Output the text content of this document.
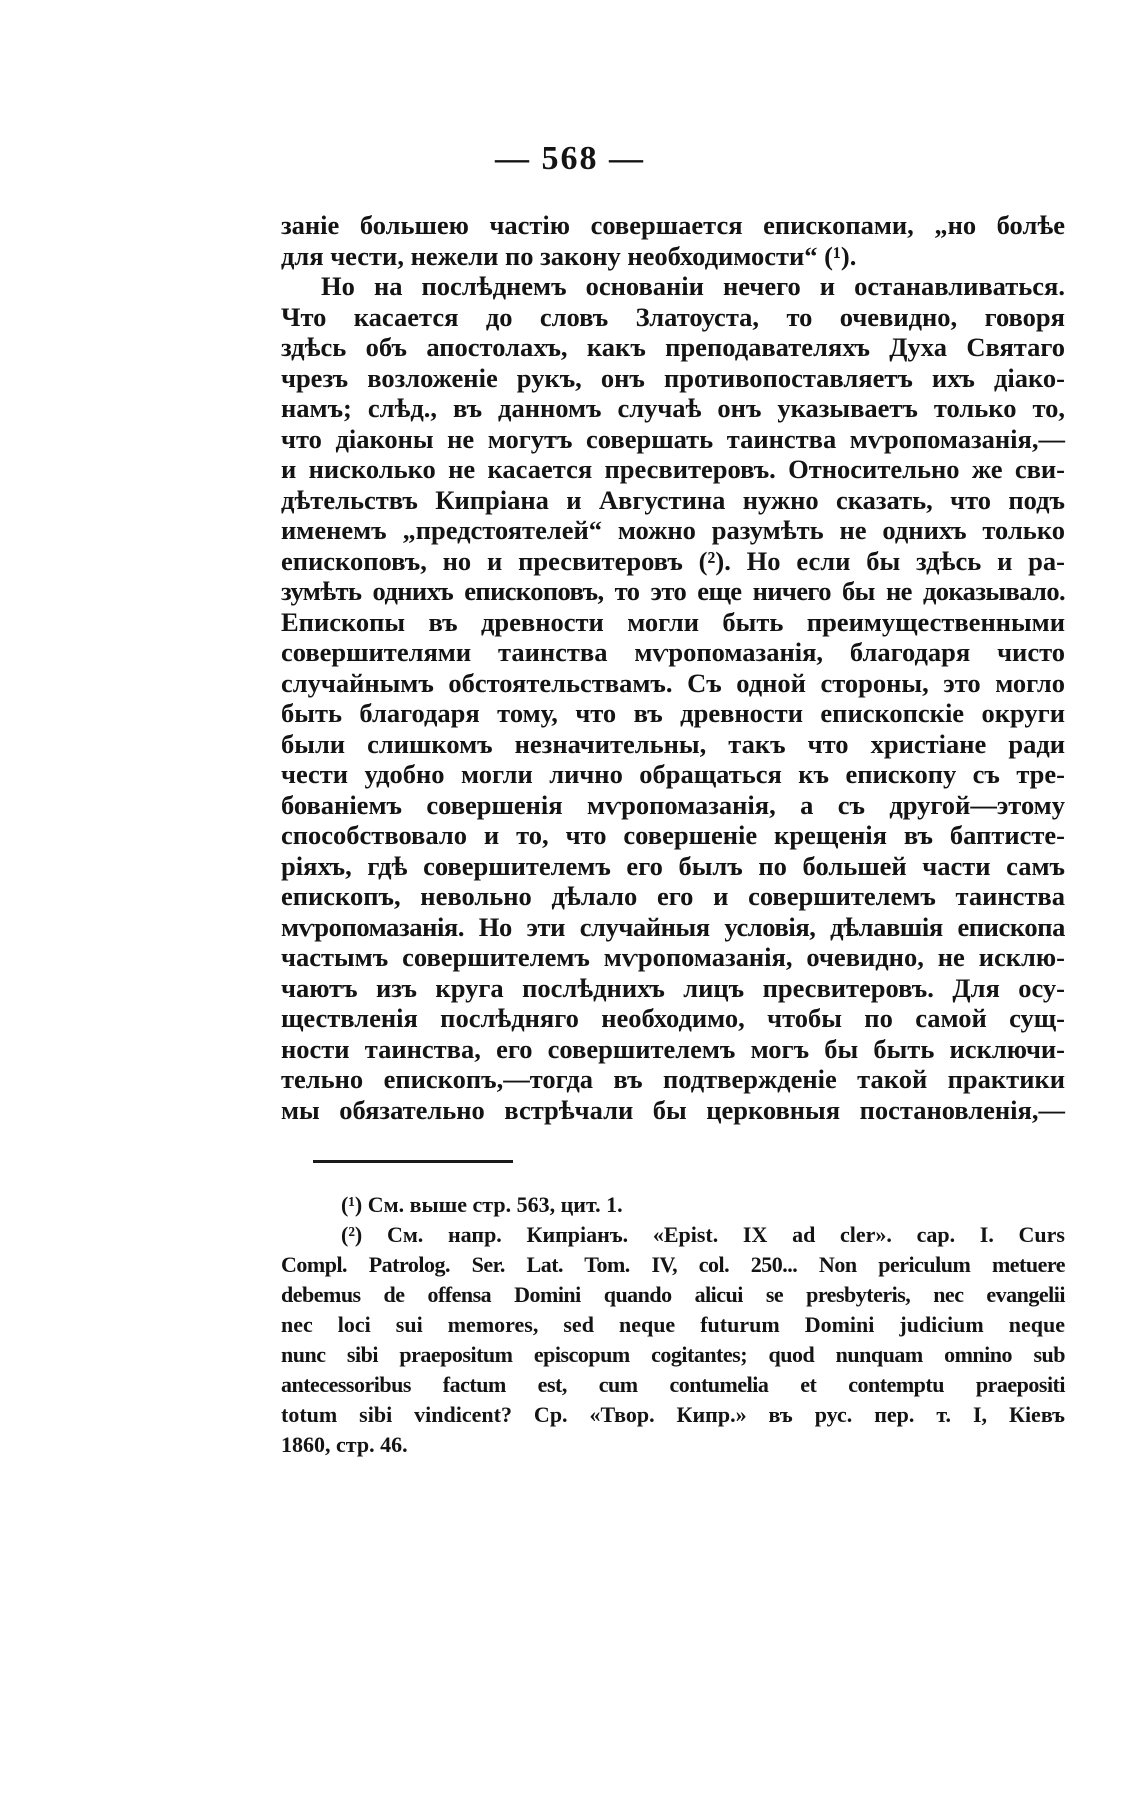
— 568 —
заніе большею частію совершается епископами, „но болѣе
для чести, нежели по закону необходимости“ (¹).
Но на послѣднемъ основаніи нечего и останавливаться.
Что касается до словъ Златоуста, то очевидно, говоря
здѣсь объ апостолахъ, какъ преподавателяхъ Духа Святаго
чрезъ возложеніе рукъ, онъ противопоставляетъ ихъ діако-
намъ; слѣд., въ данномъ случаѣ онъ указываетъ только то,
что діаконы не могутъ совершать таинства мѵропомазанія,—
и нисколько не касается пресвитеровъ. Относительно же сви-
дѣтельствъ Кипріана и Августина нужно сказать, что подъ
именемъ „предстоятелей“ можно разумѣть не однихъ только
епископовъ, но и пресвитеровъ (²). Но если бы здѣсь и ра-
зумѣть однихъ епископовъ, то это еще ничего бы не доказывало.
Епископы въ древности могли быть преимущественными
совершителями таинства мѵропомазанія, благодаря чисто
случайнымъ обстоятельствамъ. Съ одной стороны, это могло
быть благодаря тому, что въ древности епископскіе округи
были слишкомъ незначительны, такъ что христіане ради
чести удобно могли лично обращаться къ епископу съ тре-
бованіемъ совершенія мѵропомазанія, а съ другой—этому
способствовало и то, что совершеніе крещенія въ баптисте-
ріяхъ, гдѣ совершителемъ его былъ по большей части самъ
епископъ, невольно дѣлало его и совершителемъ таинства
мѵропомазанія. Но эти случайныя условія, дѣлавшія епископа
частымъ совершителемъ мѵропомазанія, очевидно, не исклю-
чаютъ изъ круга послѣднихъ лицъ пресвитеровъ. Для осу-
ществленія послѣдняго необходимо, чтобы по самой сущ-
ности таинства, его совершителемъ могъ бы быть исключи-
тельно епископъ,—тогда въ подтвержденіе такой практики
мы обязательно встрѣчали бы церковныя постановленія,—
(¹) См. выше стр. 563, цит. 1.
(²) См. напр. Кипріанъ. «Epist. IX ad cler». cap. I. Curs
Compl. Patrolog. Ser. Lat. Tom. IV, col. 250... Non periculum metuere
debemus de offensa Domini quando alicui se presbyteris, nec evangelii
nec loci sui memores, sed neque futurum Domini judicium neque
nunc sibi praepositum episcopum cogitantes; quod nunquam omnino sub
antecessoribus factum est, cum contumelia et contemptu praepositi
totum sibi vindicent? Ср. «Твор. Кипр.» въ рус. пер. т. I, Кіевъ
1860, стр. 46.
